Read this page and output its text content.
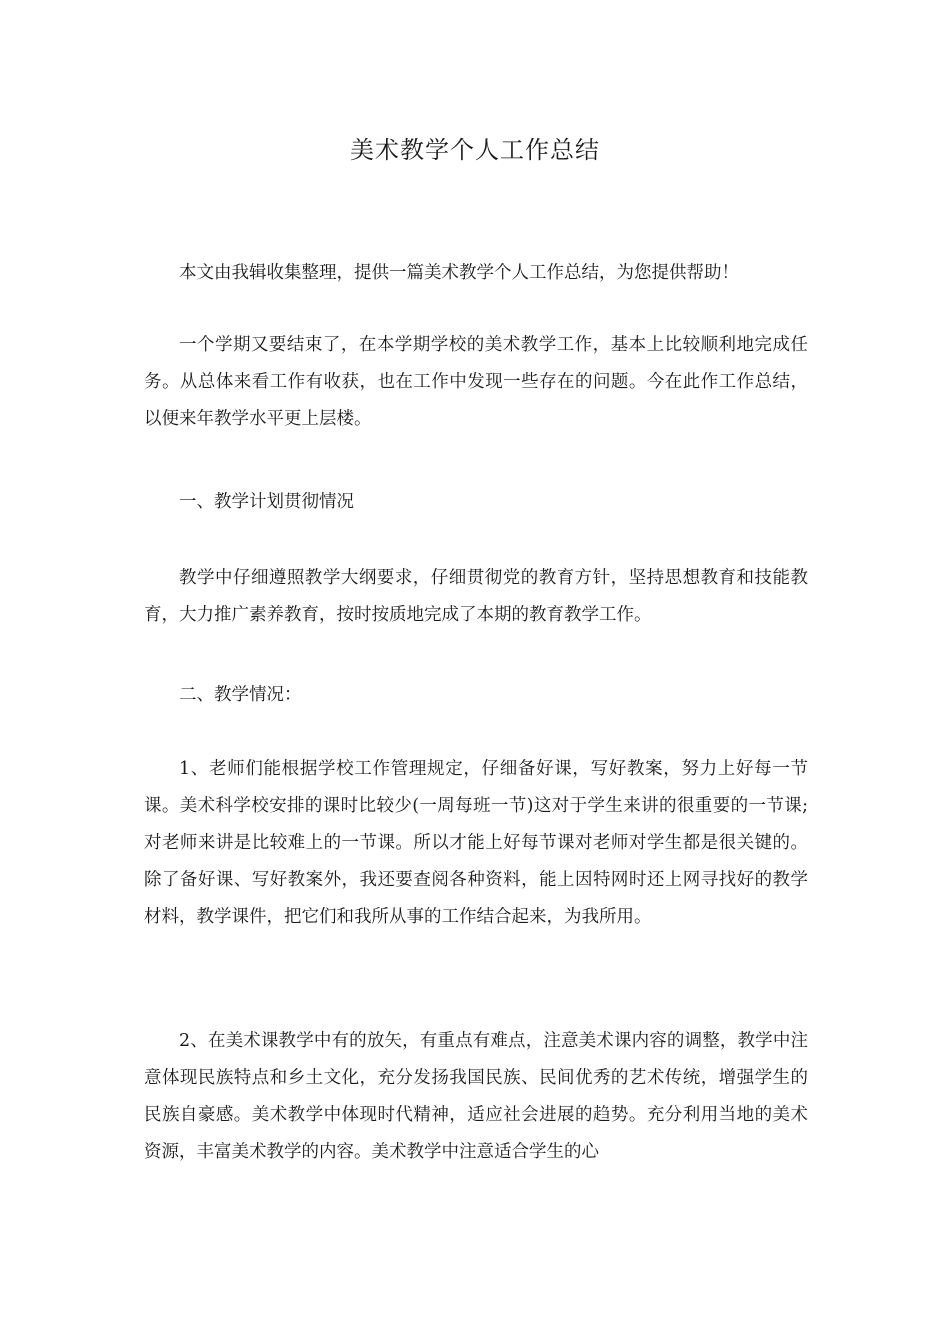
美术教学个人工作总结

本文由我辑收集整理，提供一篇美术教学个人工作总结，为您提供帮助！

一个学期又要结束了，在本学期学校的美术教学工作，基本上比较顺利地完成任务。从总体来看工作有收获，也在工作中发现一些存在的问题。今在此作工作总结，以便来年教学水平更上层楼。

一、教学计划贯彻情况

教学中仔细遵照教学大纲要求，仔细贯彻党的教育方针，坚持思想教育和技能教育，大力推广素养教育，按时按质地完成了本期的教育教学工作。

二、教学情况：

1、老师们能根据学校工作管理规定，仔细备好课，写好教案，努力上好每一节课。美术科学校安排的课时比较少(一周每班一节)这对于学生来讲的很重要的一节课;对老师来讲是比较难上的一节课。所以才能上好每节课对老师对学生都是很关键的。除了备好课、写好教案外，我还要查阅各种资料，能上因特网时还上网寻找好的教学材料，教学课件，把它们和我所从事的工作结合起来，为我所用。

2、在美术课教学中有的放矢，有重点有难点，注意美术课内容的调整，教学中注意体现民族特点和乡土文化，充分发扬我国民族、民间优秀的艺术传统，增强学生的民族自豪感。美术教学中体现时代精神，适应社会进展的趋势。充分利用当地的美术资源，丰富美术教学的内容。美术教学中注意适合学生的心
